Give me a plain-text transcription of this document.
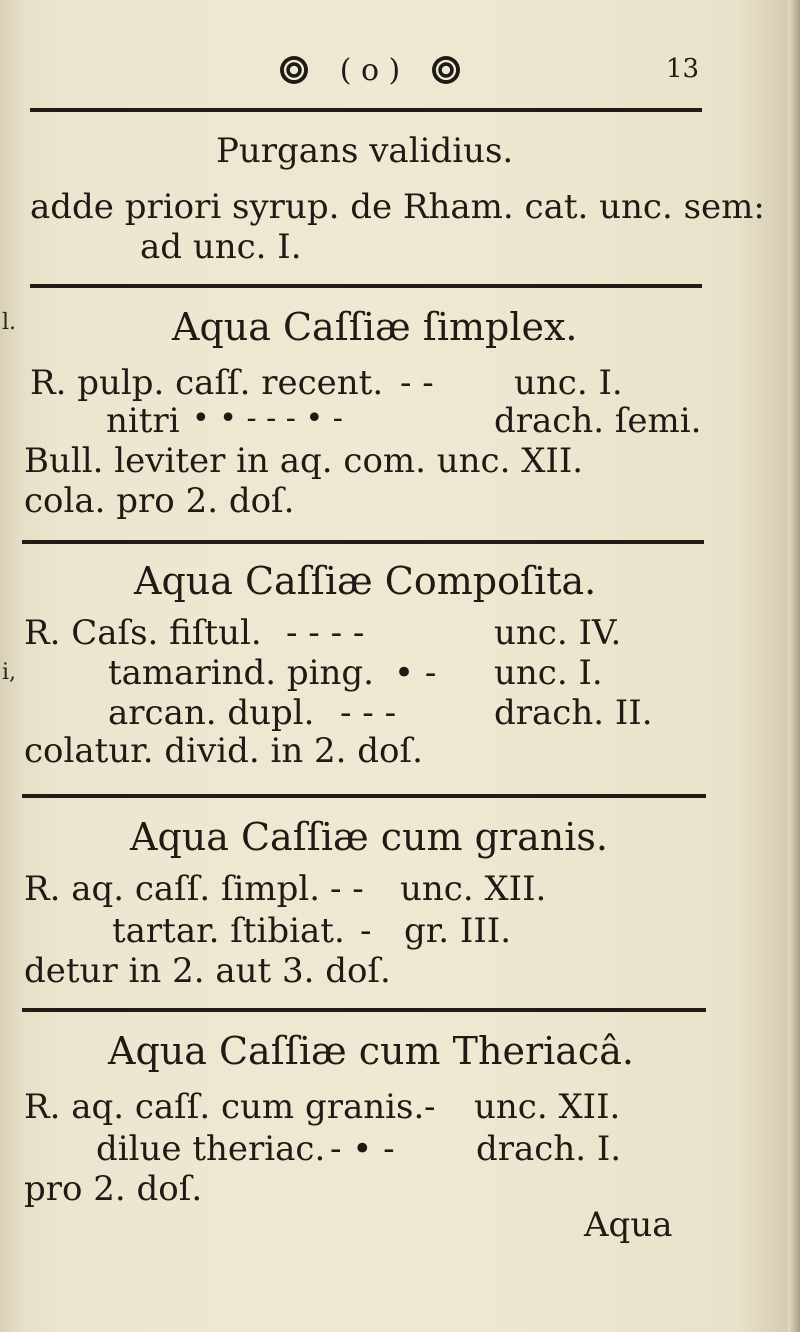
( o )	13
l.
i,
Purgans validius.
adde priori syrup. de Rham. cat. unc. sem:
ad unc. I.
Aqua Caſſiæ ſimplex.
R. pulp. caſſ. recent. - - unc. I.
nitri • • - - - • -	drach. ſemi.
Bull. leviter in aq. com. unc. XII.
cola. pro 2. doſ.
Aqua Caſſiæ Compoſita.
R. Caſs. fiſtul. - - - -	unc. IV.
tamarind. ping. • - unc. I.
arcan. dupl. - - -	drach. II.
colatur. divid. in 2. doſ.
Aqua Caſſiæ cum granis.
R. aq. caſſ. ſimpl. - - unc. XII.
tartar. ſtibiat. - gr. III.
detur in 2. aut 3. doſ.
Aqua Caſſiæ cum Theriacâ.
R. aq. caſſ. cum granis. - unc. XII.
dilue theriac. - • - drach. I.
pro 2. doſ.
Aqua
